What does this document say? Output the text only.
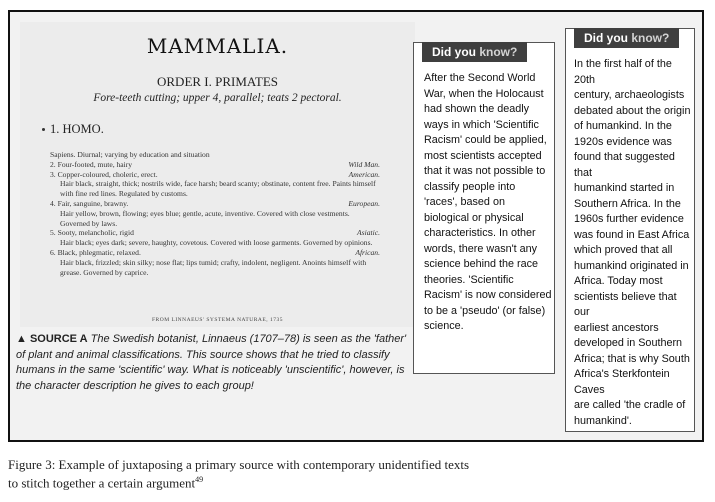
MAMMALIA.
ORDER I. PRIMATES
Fore-teeth cutting; upper 4, parallel; teats 2 pectoral.
1. HOMO.
Sapiens. Diurnal; varying by education and situation
2. Four-footed, mute, hairy	Wild Man.
3. Copper-coloured, choleric, erect.	American.
Hair black, straight, thick; nostrils wide, face harsh; beard scanty; obstinate, content free. Paints himself with fine red lines. Regulated by customs.
4. Fair, sanguine, brawny.	European.
Hair yellow, brown, flowing; eyes blue; gentle, acute, inventive. Covered with close vestments. Governed by laws.
5. Sooty, melancholic, rigid	Asiatic.
Hair black; eyes dark; severe, haughty, covetous. Covered with loose garments. Governed by opinions.
6. Black, phlegmatic, relaxed.	African.
Hair black, frizzled; skin silky; nose flat; lips tumid; crafty, indolent, negligent. Anoints himself with grease. Governed by caprice.
FROM LINNAEUS' SYSTEMA NATURAE, 1735
▲ SOURCE A The Swedish botanist, Linnaeus (1707–78) is seen as the 'father' of plant and animal classifications. This source shows that he tried to classify humans in the same 'scientific' way. What is noticeably 'unscientific', however, is the character description he gives to each group!
Did you know?
After the Second World
War, when the Holocaust
had shown the deadly
ways in which 'Scientific
Racism' could be applied,
most scientists accepted
that it was not possible to
classify people into
'races', based on
biological or physical
characteristics. In other
words, there wasn't any
science behind the race
theories. 'Scientific
Racism' is now considered
to be a 'pseudo' (or false)
science.
Did you know?
In the first half of the 20th
century, archaeologists
debated about the origin
of humankind. In the
1920s evidence was
found that suggested that
humankind started in
Southern Africa. In the
1960s further evidence
was found in East Africa
which proved that all
humankind originated in
Africa. Today most
scientists believe that our
earliest ancestors
developed in Southern
Africa; that is why South
Africa's Sterkfontein Caves
are called 'the cradle of
humankind'.
Figure 3: Example of juxtaposing a primary source with contemporary unidentified texts
to stitch together a certain argument$^{49}$
